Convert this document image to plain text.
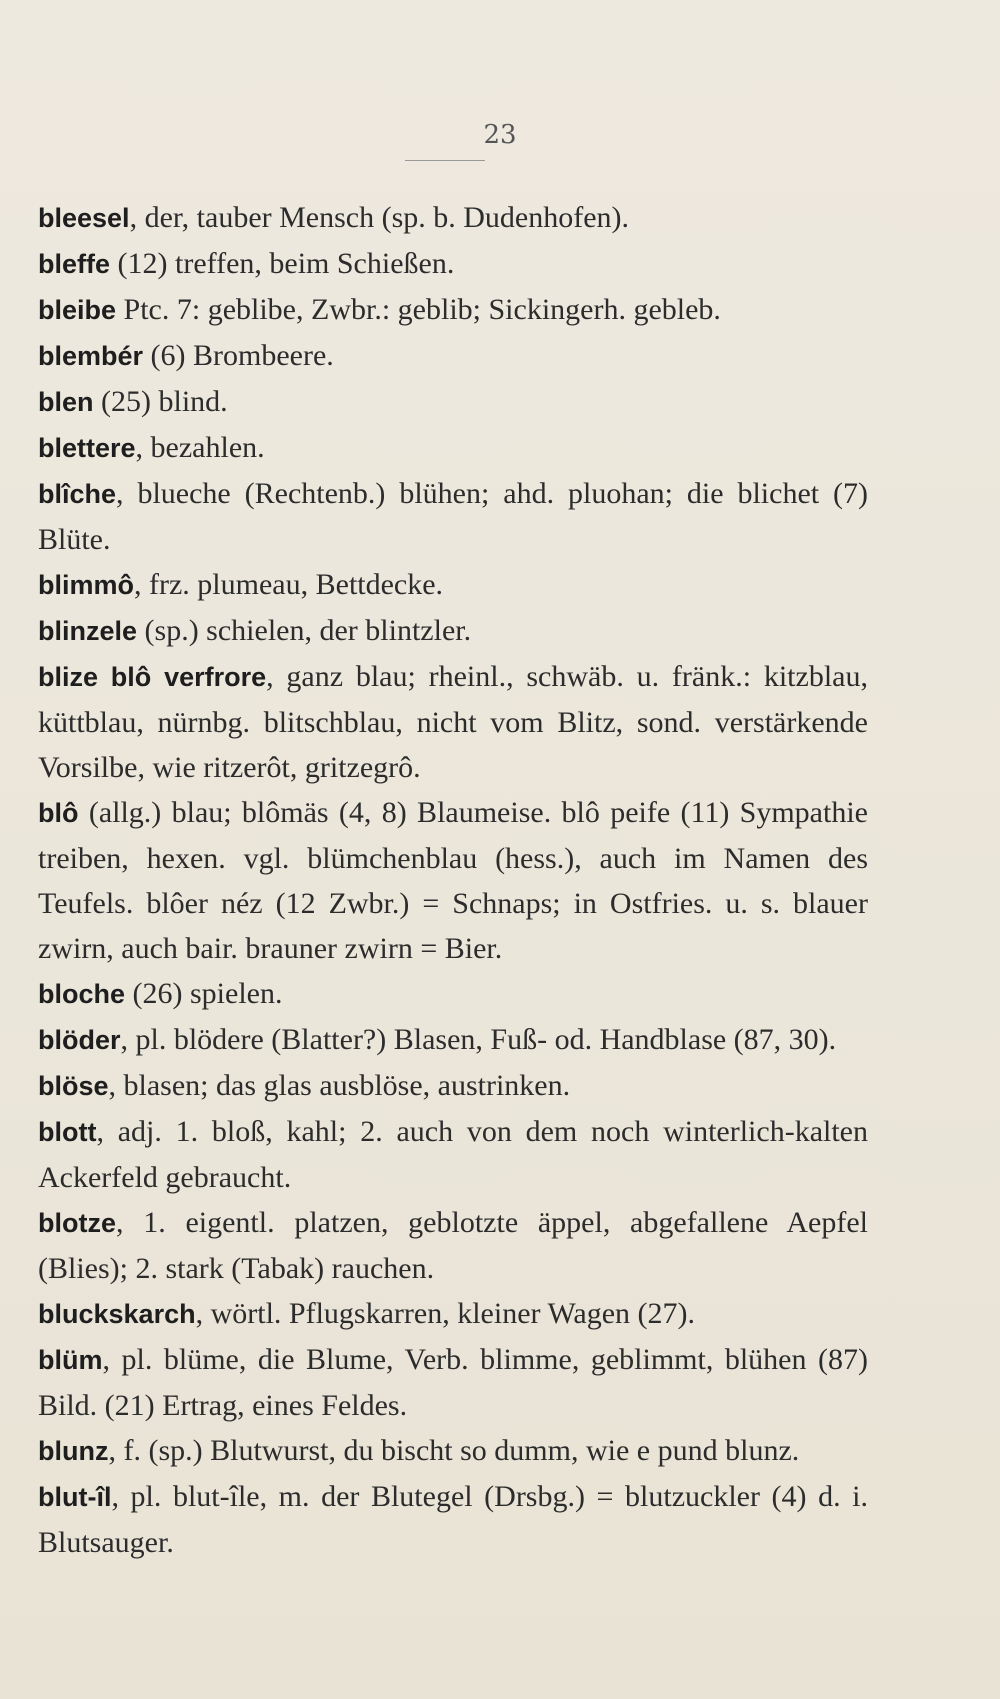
23

bleesel, der, tauber Mensch (sp. b. Dudenhofen).

bleffe (12) treffen, beim Schießen.

bleibe Ptc. 7: geblibe, Zwbr.: geblib; Sickingerh. gebleb.

blembér (6) Brombeere.

blen (25) blind.

blettere, bezahlen.

blîche, blueche (Rechtenb.) blühen; ahd. pluohan; die blichet (7) Blüte.

blimmô, frz. plumeau, Bettdecke.

blinzele (sp.) schielen, der blintzler.

blize blô verfrore, ganz blau; rheinl., schwäb. u. fränk.: kitzblau, küttblau, nürnbg. blitschblau, nicht vom Blitz, sond. verstärkende Vorsilbe, wie ritzerôt, gritzegrô.

blô (allg.) blau; blômäs (4, 8) Blaumeise. blô peife (11) Sympathie treiben, hexen. vgl. blümchenblau (hess.), auch im Namen des Teufels. blôer néz (12 Zwbr.) = Schnaps; in Ostfries. u. s. blauer zwirn, auch bair. brauner zwirn = Bier.

bloche (26) spielen.

blöder, pl. blödere (Blatter?) Blasen, Fuß- od. Handblase (87, 30).

blöse, blasen; das glas ausblöse, austrinken.

blott, adj. 1. bloß, kahl; 2. auch von dem noch winterlich-kalten Ackerfeld gebraucht.

blotze, 1. eigentl. platzen, geblotzte äppel, abgefallene Aepfel (Blies); 2. stark (Tabak) rauchen.

bluckskarch, wörtl. Pflugskarren, kleiner Wagen (27).

blüm, pl. blüme, die Blume, Verb. blimme, geblimmt, blühen (87) Bild. (21) Ertrag, eines Feldes.

blunz, f. (sp.) Blutwurst, du bischt so dumm, wie e pund blunz.

blut-îl, pl. blut-île, m. der Blutegel (Drsbg.) = blutzuckler (4) d. i. Blutsauger.
